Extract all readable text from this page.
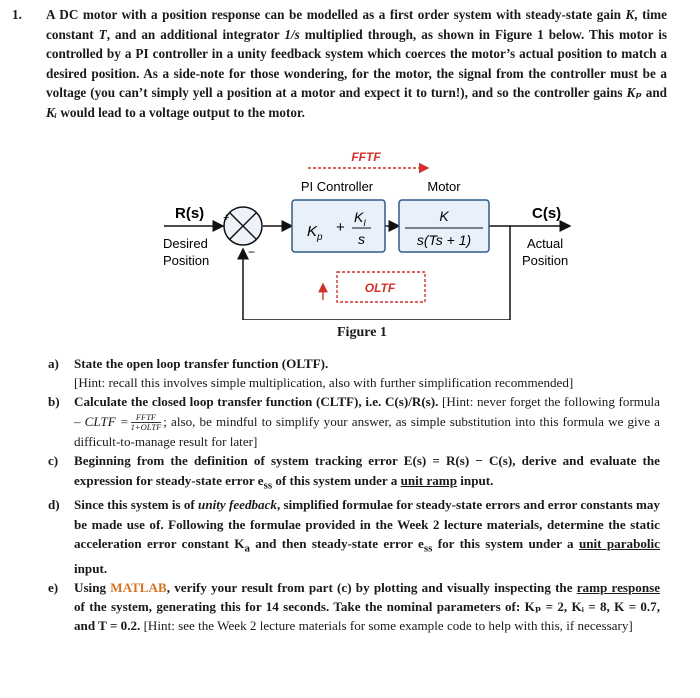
1. A DC motor with a position response can be modelled as a first order system with steady-state gain K, time constant T, and an additional integrator 1/s multiplied through, as shown in Figure 1 below. This motor is controlled by a PI controller in a unity feedback system which coerces the motor’s actual position to match a desired position. As a side-note for those wondering, for the motor, the signal from the controller must be a voltage (you can’t simply yell a position at a motor and expect it to turn!), and so the controller gains Kₚ and Kᵢ would lead to a voltage output to the motor.
FFTF
PI Controller	Motor
R(s)
Desired
Position
C(s)
Actual
Position
+
−
$K_p$
+
$K_I$
s
K
s(Ts + 1)
OLTF
Figure 1
a) State the open loop transfer function (OLTF).
[Hint: recall this involves simple multiplication, also with further simplification recommended]
b) Calculate the closed loop transfer function (CLTF), i.e. C(s)/R(s). [Hint: never forget the following formula – CLTF = $\frac{\text{FFTF}}{\text{1+OLTF}}$ ; also, be mindful to simplify your answer, as simple substitution into this formula we give a difficult-to-manage result for later]
c) Beginning from the definition of system tracking error E(s) = R(s) − C(s), derive and evaluate the expression for steady-state error $e_{ss}$ of this system under a unit ramp input.
d) Since this system is of unity feedback, simplified formulae for steady-state errors and error constants may be made use of. Following the formulae provided in the Week 2 lecture materials, determine the static acceleration error constant $K_a$ and then steady-state error $e_{ss}$ for this system under a unit parabolic input.
e) Using MATLAB, verify your result from part (c) by plotting and visually inspecting the ramp response of the system, generating this for 14 seconds. Take the nominal parameters of: Kₚ = 2, Kᵢ = 8, K = 0.7, and T = 0.2. [Hint: see the Week 2 lecture materials for some example code to help with this, if necessary]
